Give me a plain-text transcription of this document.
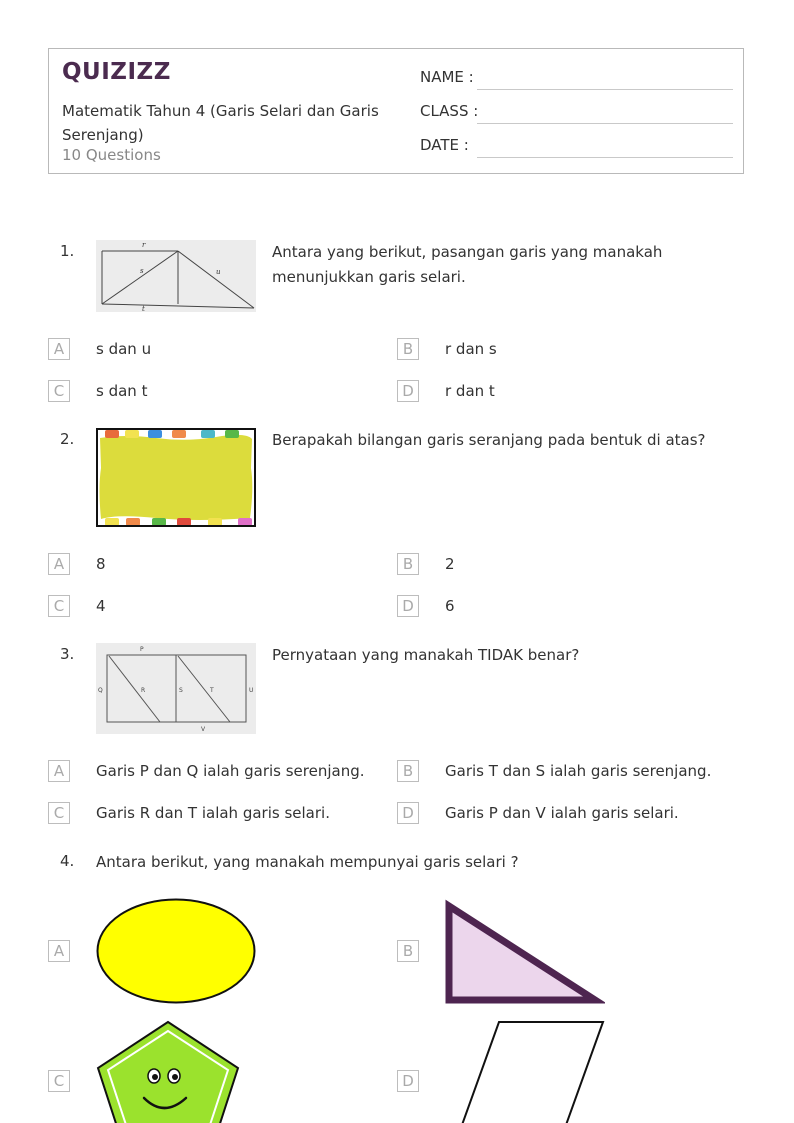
QUIZIZZ
Matematik Tahun 4 (Garis Selari dan Garis Serenjang)
10 Questions
NAME :
CLASS :
DATE :
1.	r
s	u
t
Antara yang berikut, pasangan garis yang manakah menunjukkan garis selari.
A	s dan u	B	r dan s
C	s dan t	D	r dan t
2.	Berapakah bilangan garis seranjang pada bentuk di atas?
A	8	B	2
C	4	D	6
3.	P
Q	R	S	T	U
V
Pernyataan yang manakah TIDAK benar?
A	Garis P dan Q ialah garis serenjang.	B	Garis T dan S ialah garis serenjang.
C	Garis R dan T ialah garis selari.	D	Garis P dan V ialah garis selari.
4. Antara berikut, yang manakah mempunyai garis selari ?
A	B
C	D
